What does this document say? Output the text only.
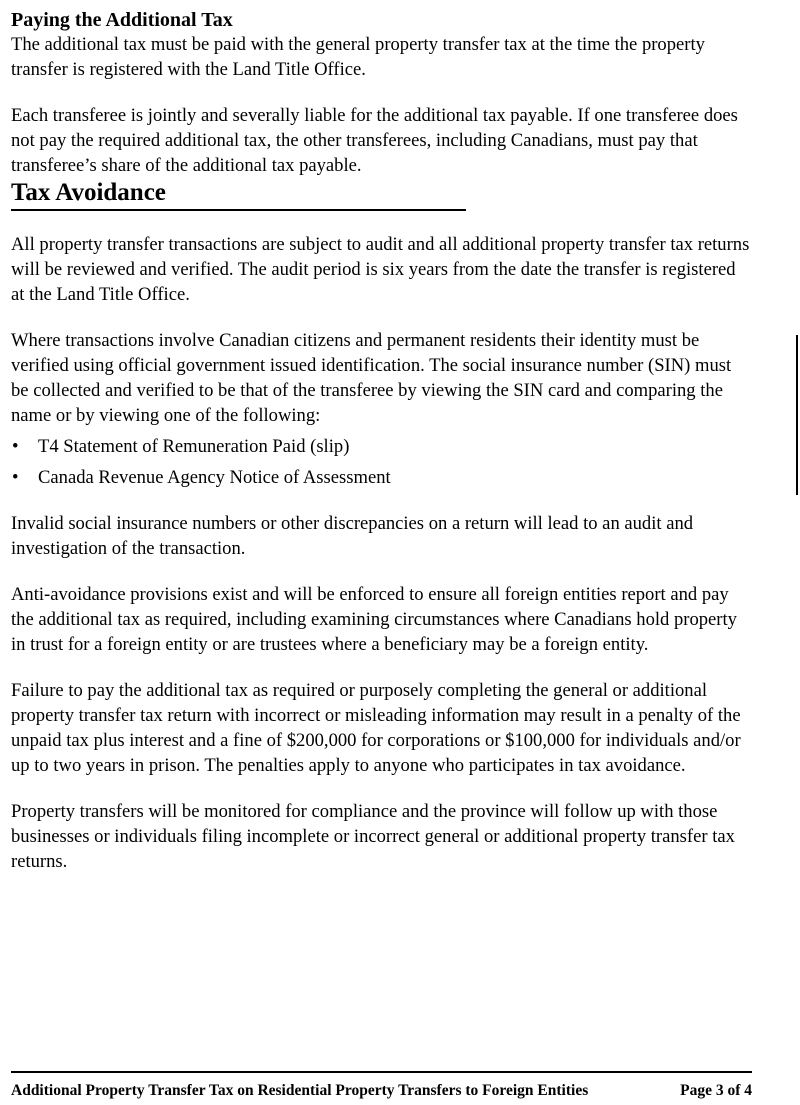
Paying the Additional Tax

The additional tax must be paid with the general property transfer tax at the time the property transfer is registered with the Land Title Office.

Each transferee is jointly and severally liable for the additional tax payable. If one transferee does not pay the required additional tax, the other transferees, including Canadians, must pay that transferee’s share of the additional tax payable.

Tax Avoidance

All property transfer transactions are subject to audit and all additional property transfer tax returns will be reviewed and verified. The audit period is six years from the date the transfer is registered at the Land Title Office.

Where transactions involve Canadian citizens and permanent residents their identity must be verified using official government issued identification. The social insurance number (SIN) must be collected and verified to be that of the transferee by viewing the SIN card and comparing the name or by viewing one of the following:

• T4 Statement of Remuneration Paid (slip)
• Canada Revenue Agency Notice of Assessment

Invalid social insurance numbers or other discrepancies on a return will lead to an audit and investigation of the transaction.

Anti-avoidance provisions exist and will be enforced to ensure all foreign entities report and pay the additional tax as required, including examining circumstances where Canadians hold property in trust for a foreign entity or are trustees where a beneficiary may be a foreign entity.

Failure to pay the additional tax as required or purposely completing the general or additional property transfer tax return with incorrect or misleading information may result in a penalty of the unpaid tax plus interest and a fine of $200,000 for corporations or $100,000 for individuals and/or up to two years in prison. The penalties apply to anyone who participates in tax avoidance.

Property transfers will be monitored for compliance and the province will follow up with those businesses or individuals filing incomplete or incorrect general or additional property transfer tax returns.

Additional Property Transfer Tax on Residential Property Transfers to Foreign Entities	Page 3 of 4
